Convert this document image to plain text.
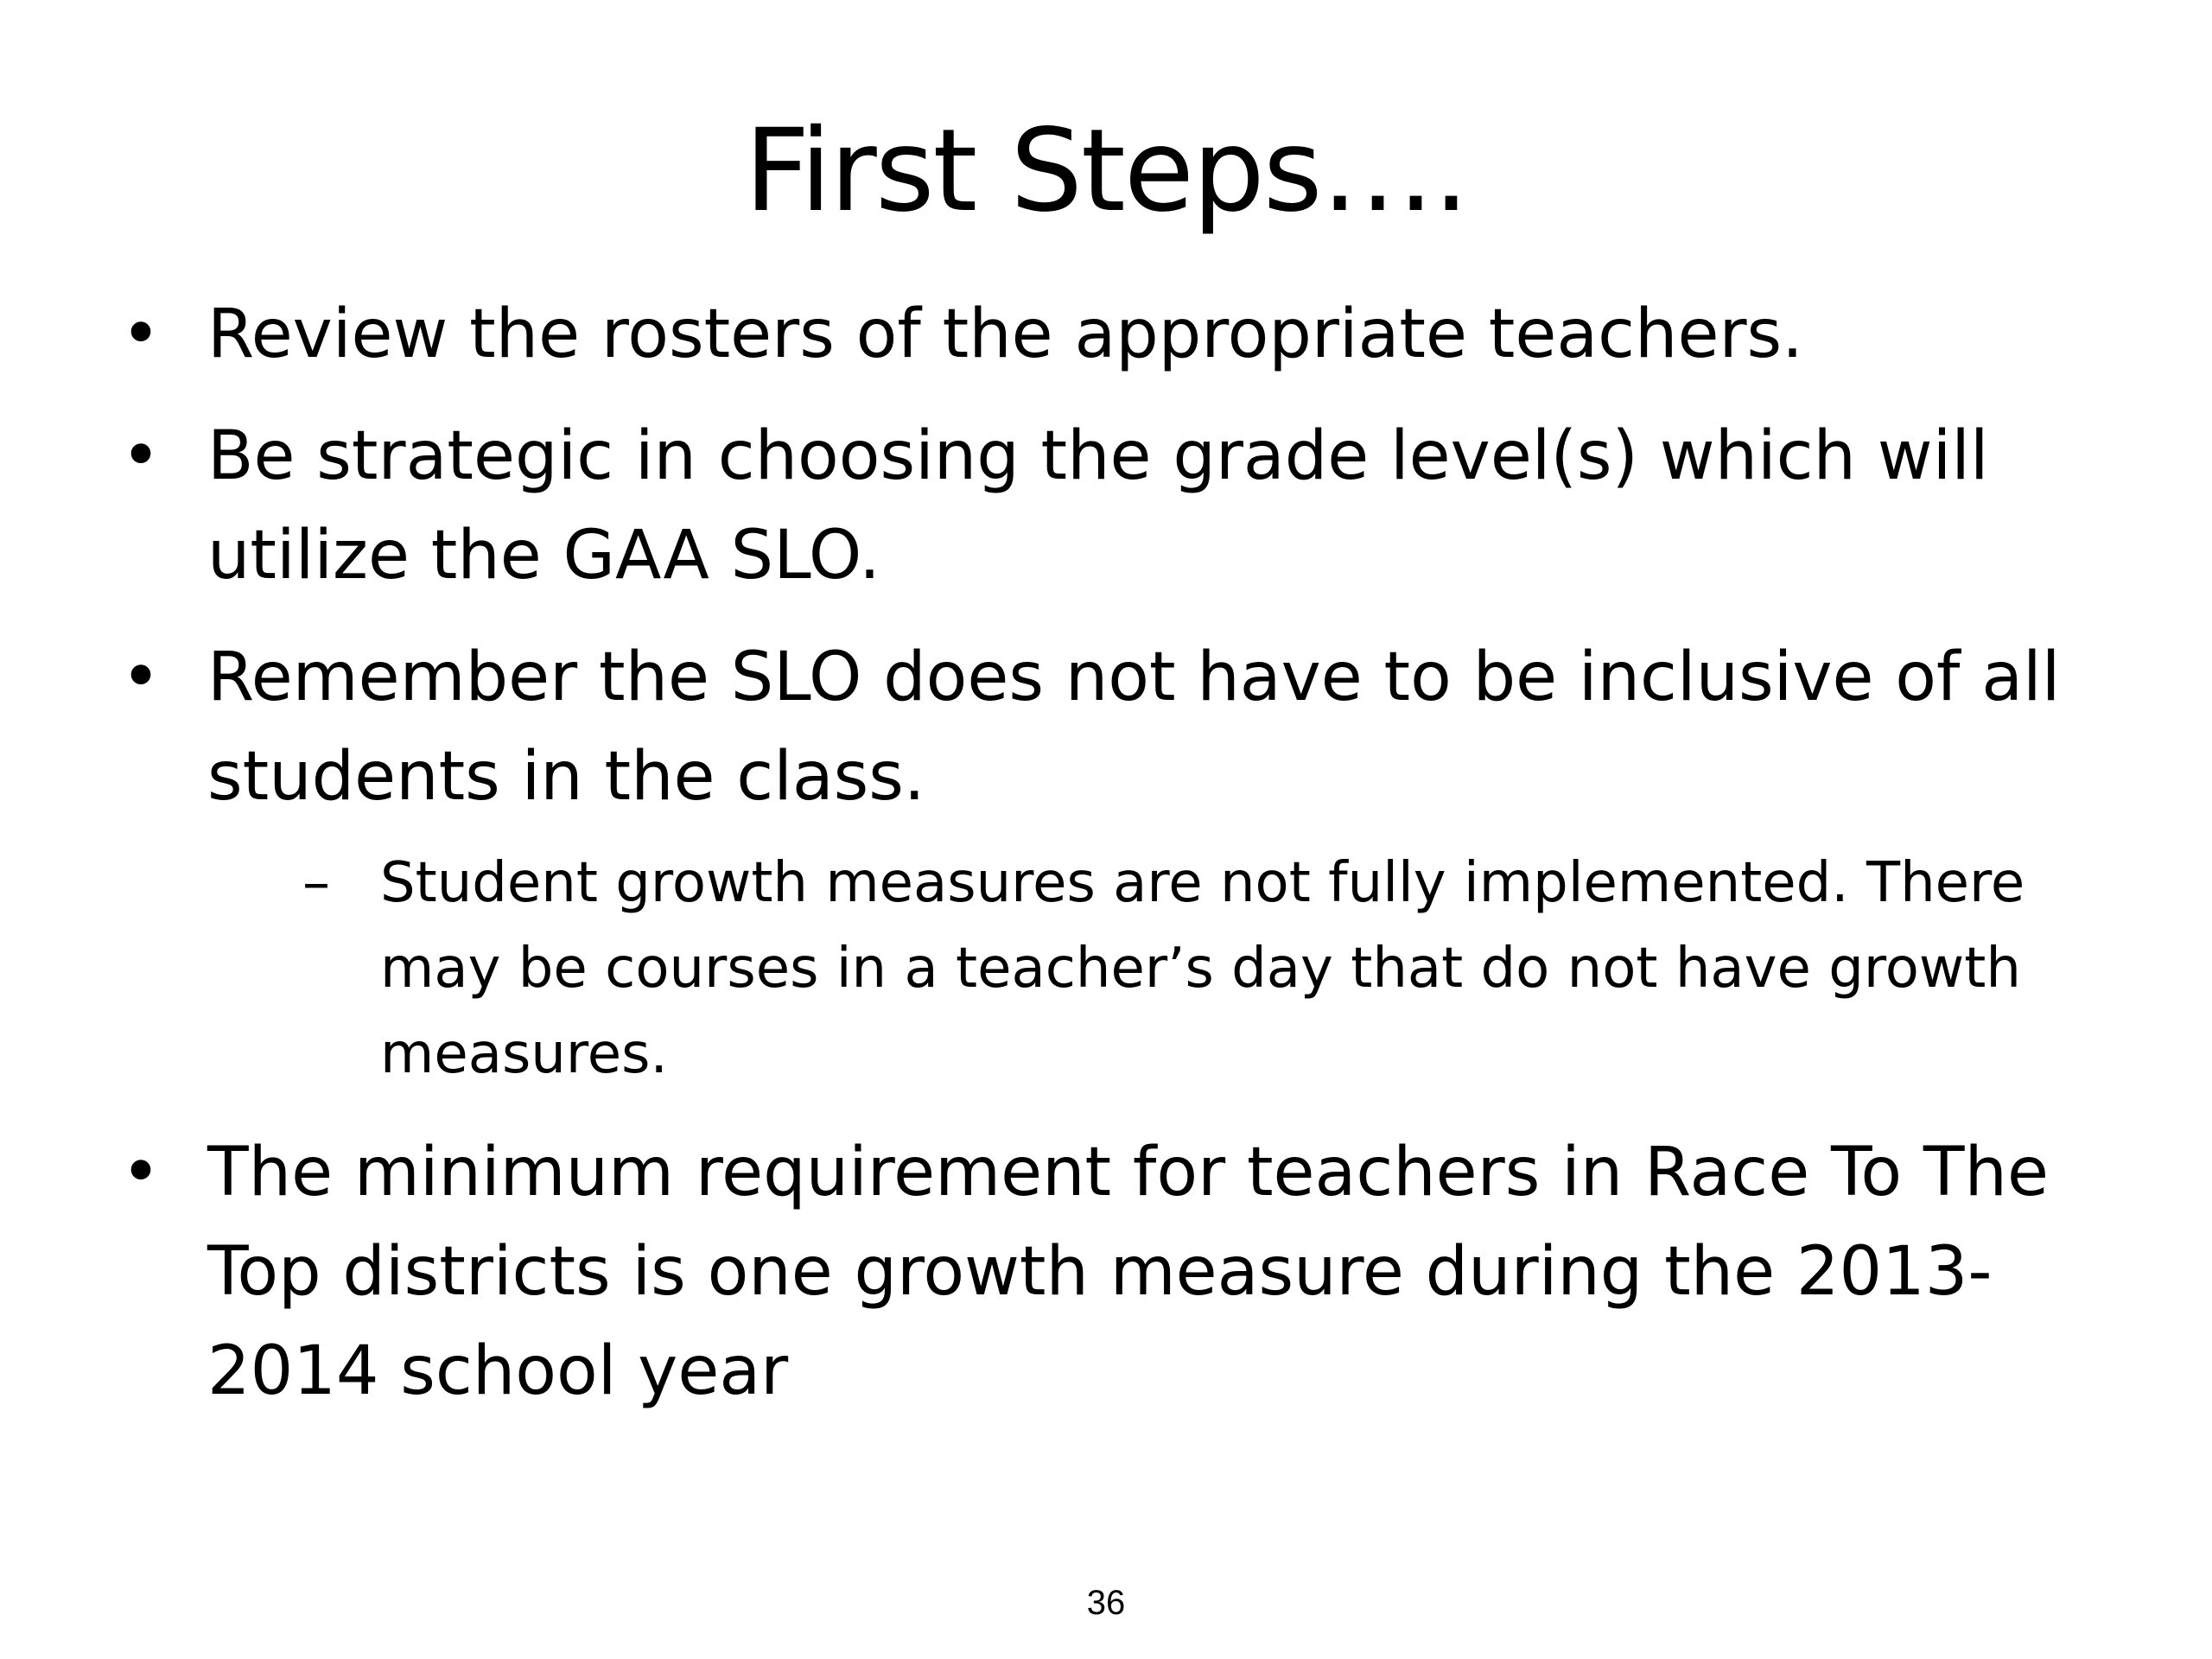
First Steps….
• Review the rosters of the appropriate teachers.
• Be strategic in choosing the grade level(s) which will utilize the GAA SLO.
• Remember the SLO does not have to be inclusive of all students in the class.
– Student growth measures are not fully implemented. There may be courses in a teacher’s day that do not have growth measures.
• The minimum requirement for teachers in Race To The Top districts is one growth measure during the 2013-2014 school year
36
